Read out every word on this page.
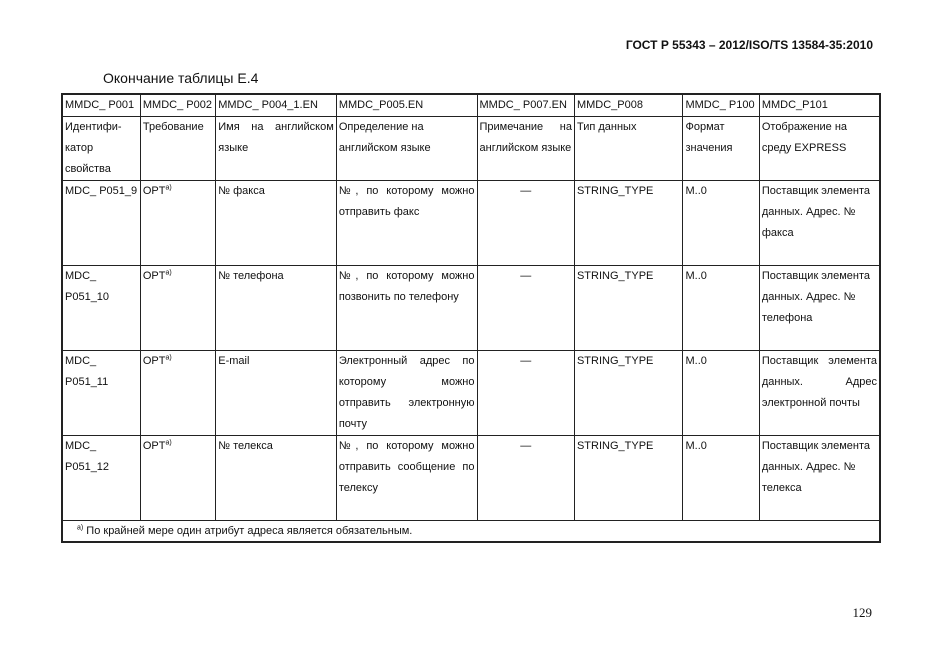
ГОСТ Р 55343 – 2012/ISO/TS 13584-35:2010
Окончание таблицы Е.4
MMDC_ P001	MMDC_ P002	MMDC_ P004_1.EN	MMDC_P005.EN	MMDC_ P007.EN	MMDC_P008	MMDC_ P100	MMDC_P101
Идентифи-катор свойства	Требование	Имя на английском языке	Определение на английском языке	Примечание на английском языке	Тип данных	Формат значения	Отображение на среду EXPRESS
MDC_ P051_9	$OPT^{а)}$	№ факса	№, по которому можно отправить факс	—	STRING_TYPE	M..0	Поставщик элемента данных. Адрес. № факса
MDC_ P051_10	$OPT^{а)}$	№ телефона	№, по которому можно позвонить по телефону	—	STRING_TYPE	M..0	Поставщик элемента данных. Адрес. № телефона
MDC_ P051_11	$OPT^{а)}$	E-mail	Электронный адрес по которому можно отправить электронную почту	—	STRING_TYPE	M..0	Поставщик элемента данных. Адрес электронной почты
MDC_ P051_12	$OPT^{а)}$	№ телекса	№, по которому можно отправить сообщение по телексу	—	STRING_TYPE	M..0	Поставщик элемента данных. Адрес. № телекса
$^{а)}$ По крайней мере один атрибут адреса является обязательным.							
129
